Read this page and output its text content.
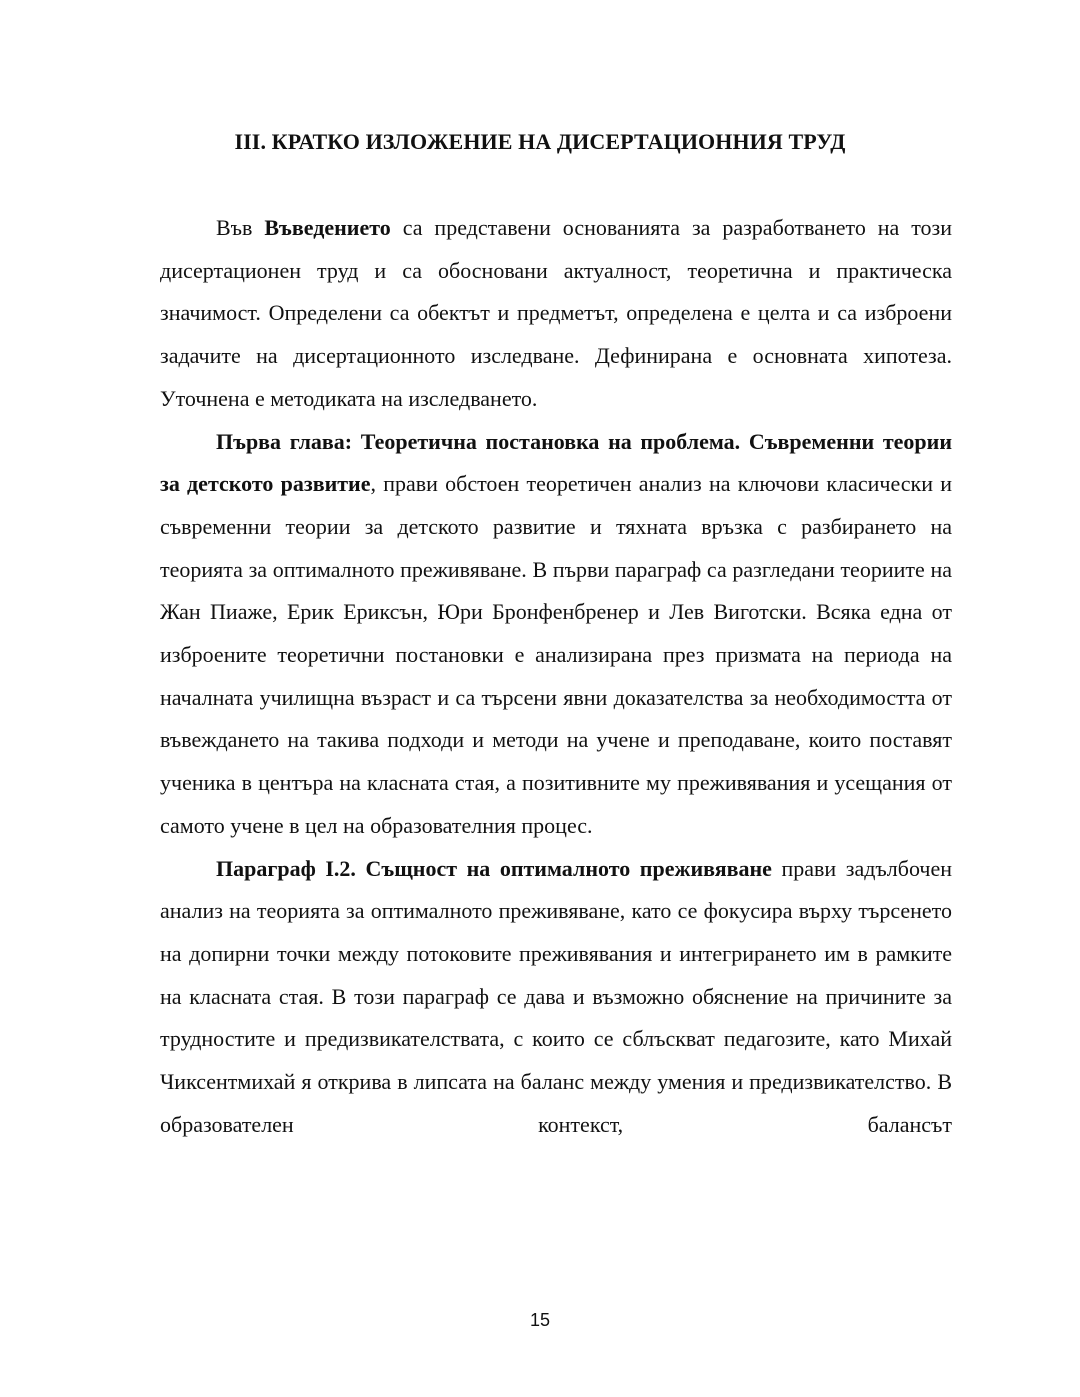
III. КРАТКО ИЗЛОЖЕНИЕ НА ДИСЕРТАЦИОННИЯ ТРУД

Във Въведението са представени основанията за разработването на този дисертационен труд и са обосновани актуалност, теоретична и практическа значимост. Определени са обектът и предметът, определена е целта и са изброени задачите на дисертационното изследване. Дефинирана е основната хипотеза. Уточнена е методиката на изследването.

Първа глава: Теоретична постановка на проблема. Съвременни теории за детското развитие, прави обстоен теоретичен анализ на ключови класически и съвременни теории за детското развитие и тяхната връзка с разбирането на теорията за оптималното преживяване. В първи параграф са разгледани теориите на Жан Пиаже, Ерик Ериксън, Юри Бронфенбренер и Лев Виготски. Всяка една от изброените теоретични постановки е анализирана през призмата на периода на началната училищна възраст и са търсени явни доказателства за необходимостта от въвеждането на такива подходи и методи на учене и преподаване, които поставят ученика в центъра на класната стая, а позитивните му преживявания и усещания от самото учене в цел на образователния процес.

Параграф I.2. Същност на оптималното преживяване прави задълбочен анализ на теорията за оптималното преживяване, като се фокусира върху търсенето на допирни точки между потоковите преживявания и интегрирането им в рамките на класната стая. В този параграф се дава и възможно обяснение на причините за трудностите и предизвикателствата, с които се сблъскват педагозите, като Михай Чиксентмихай я открива в липсата на баланс между умения и предизвикателство. В образователен контекст, балансът

15
